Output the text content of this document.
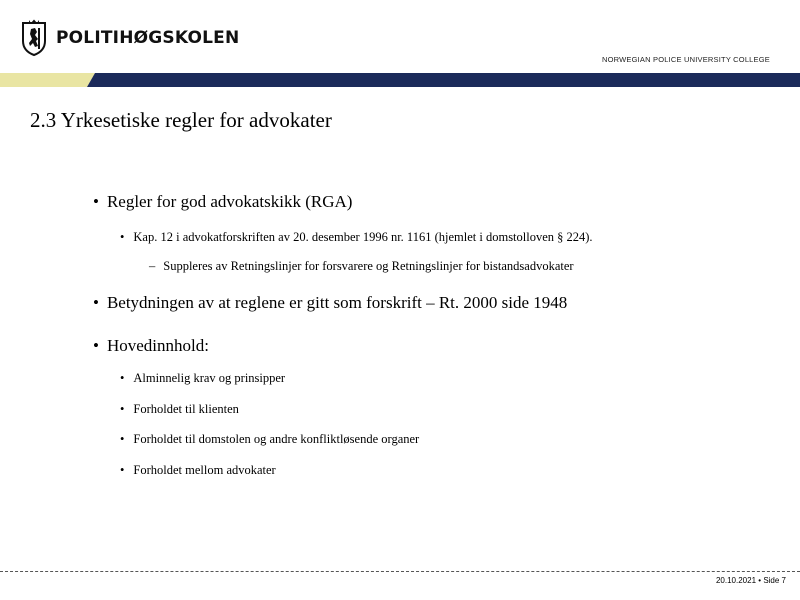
POLITIHØGSKOLEN
NORWEGIAN POLICE UNIVERSITY COLLEGE
2.3 Yrkesetiske regler for advokater
• Regler for god advokatskikk (RGA)
• Kap. 12 i advokatforskriften av 20. desember 1996 nr. 1161 (hjemlet i domstolloven § 224).
– Suppleres av Retningslinjer for forsvarere og Retningslinjer for bistandsadvokater
• Betydningen av at reglene er gitt som forskrift – Rt. 2000 side 1948
• Hovedinnhold:
• Alminnelig krav og prinsipper
• Forholdet til klienten
• Forholdet til domstolen og andre konfliktløsende organer
• Forholdet mellom advokater
20.10.2021 • Side 7
